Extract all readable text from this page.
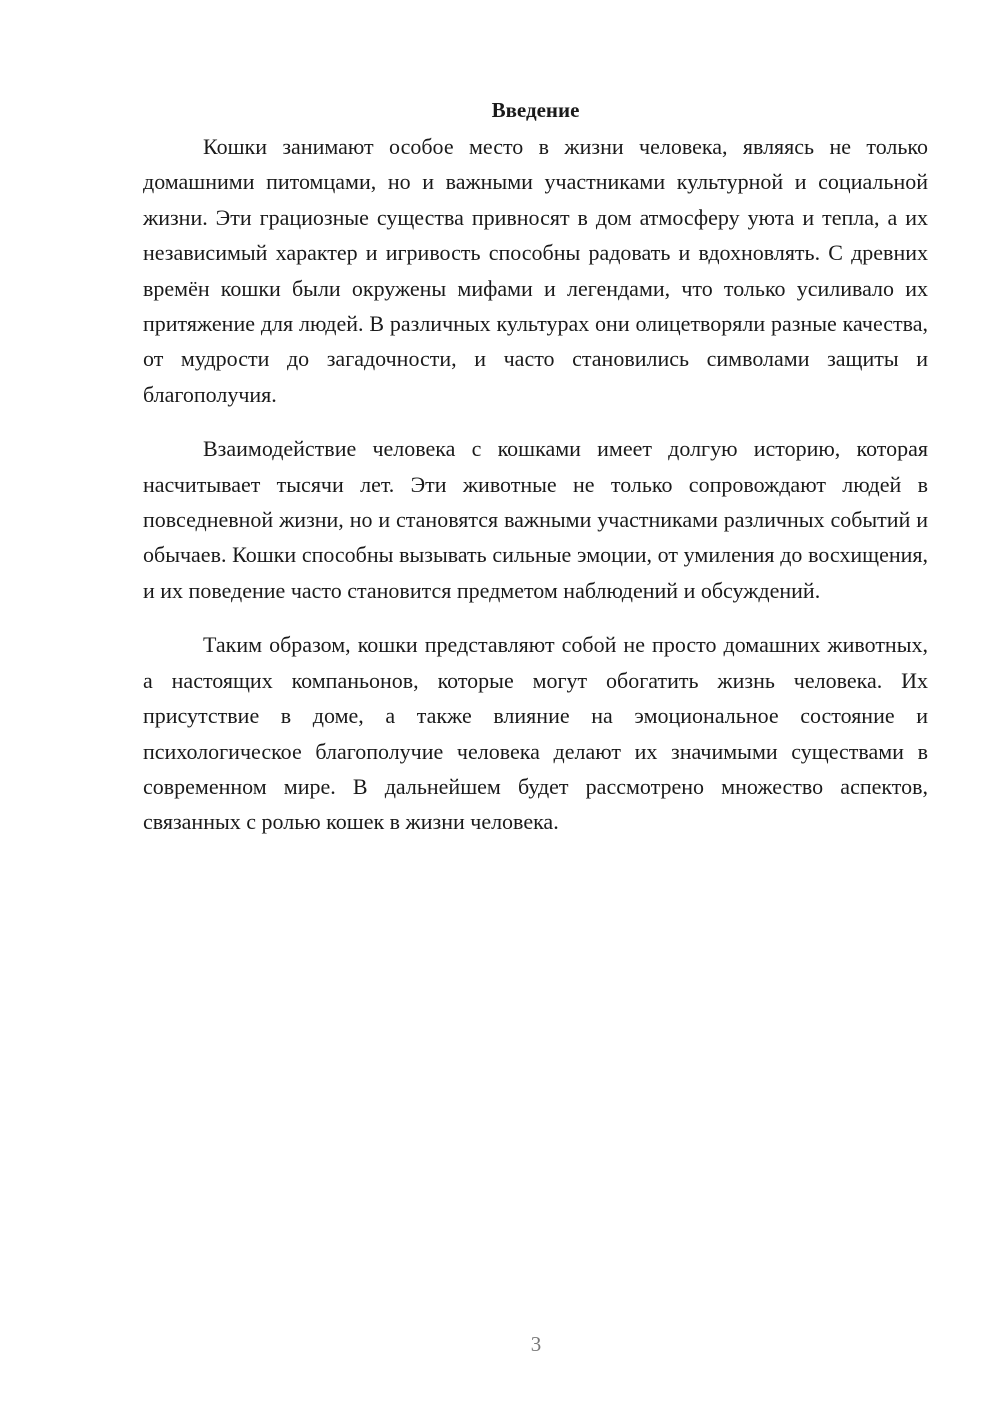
Введение

Кошки занимают особое место в жизни человека, являясь не только домашними питомцами, но и важными участниками культурной и социальной жизни. Эти грациозные существа привносят в дом атмосферу уюта и тепла, а их независимый характер и игривость способны радовать и вдохновлять. С древних времён кошки были окружены мифами и легендами, что только усиливало их притяжение для людей. В различных культурах они олицетворяли разные качества, от мудрости до загадочности, и часто становились символами защиты и благополучия.

Взаимодействие человека с кошками имеет долгую историю, которая насчитывает тысячи лет. Эти животные не только сопровождают людей в повседневной жизни, но и становятся важными участниками различных событий и обычаев. Кошки способны вызывать сильные эмоции, от умиления до восхищения, и их поведение часто становится предметом наблюдений и обсуждений.

Таким образом, кошки представляют собой не просто домашних животных, а настоящих компаньонов, которые могут обогатить жизнь человека. Их присутствие в доме, а также влияние на эмоциональное состояние и психологическое благополучие человека делают их значимыми существами в современном мире. В дальнейшем будет рассмотрено множество аспектов, связанных с ролью кошек в жизни человека.

3
